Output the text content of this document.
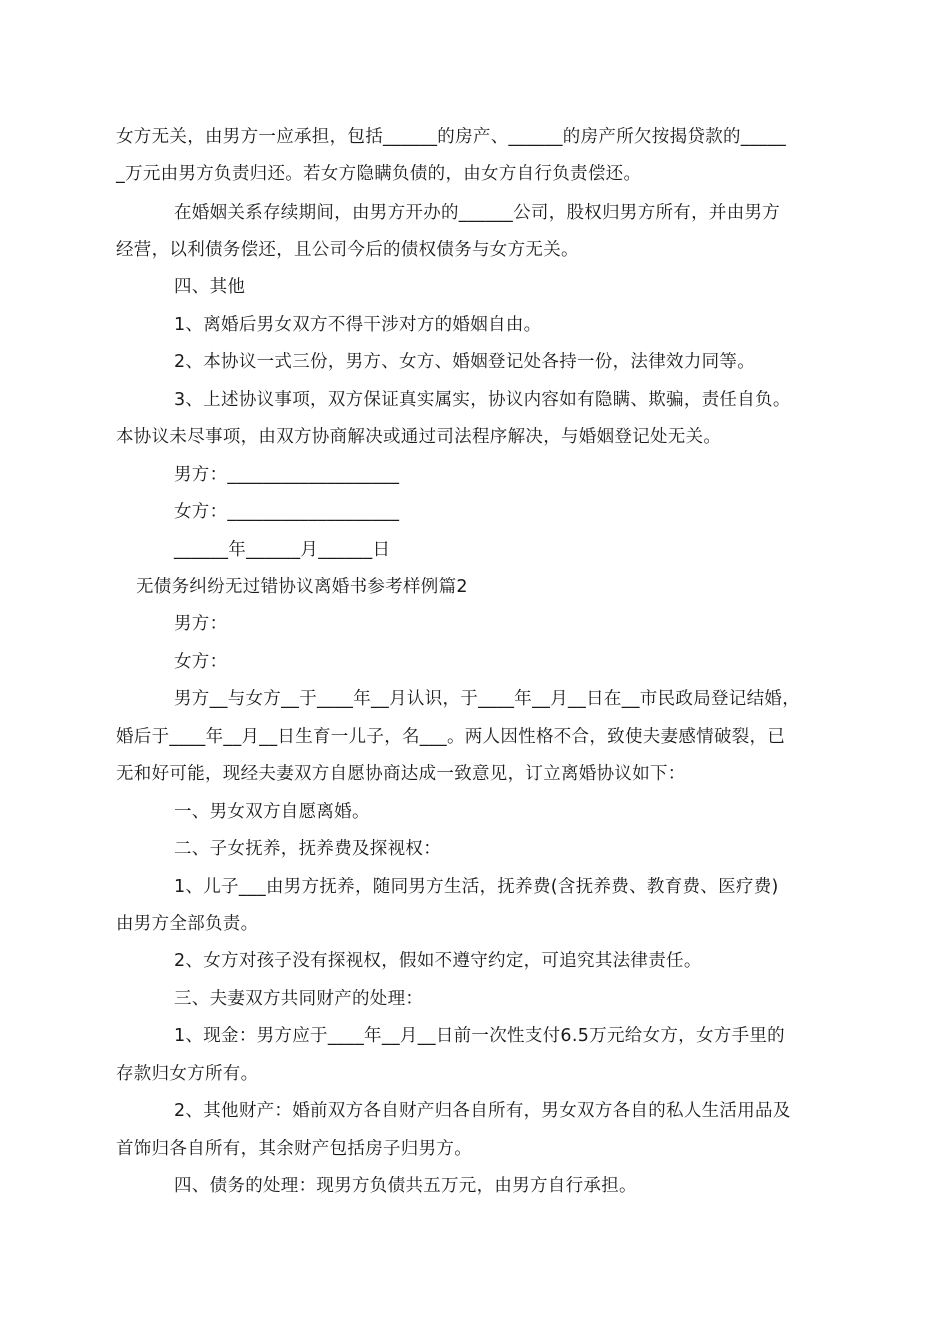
女方无关，由男方一应承担，包括______的房产、______的房产所欠按揭贷款的_____
_万元由男方负责归还。若女方隐瞒负债的，由女方自行负责偿还。
在婚姻关系存续期间，由男方开办的______公司，股权归男方所有，并由男方
经营，以利债务偿还，且公司今后的债权债务与女方无关。
四、其他
1、离婚后男女双方不得干涉对方的婚姻自由。
2、本协议一式三份，男方、女方、婚姻登记处各持一份，法律效力同等。
3、上述协议事项，双方保证真实属实，协议内容如有隐瞒、欺骗，责任自负。
本协议未尽事项，由双方协商解决或通过司法程序解决，与婚姻登记处无关。
男方：___________________
女方：___________________
______年______月______日
无债务纠纷无过错协议离婚书参考样例篇2
男方：
女方：
男方__与女方__于____年__月认识，于____年__月__日在__市民政局登记结婚，
婚后于____年__月__日生育一儿子，名___。两人因性格不合，致使夫妻感情破裂，已
无和好可能，现经夫妻双方自愿协商达成一致意见，订立离婚协议如下：
一、男女双方自愿离婚。
二、子女抚养，抚养费及探视权：
1、儿子___由男方抚养，随同男方生活，抚养费(含抚养费、教育费、医疗费)
由男方全部负责。
2、女方对孩子没有探视权，假如不遵守约定，可追究其法律责任。
三、夫妻双方共同财产的处理：
1、现金：男方应于____年__月__日前一次性支付6.5万元给女方，女方手里的
存款归女方所有。
2、其他财产：婚前双方各自财产归各自所有，男女双方各自的私人生活用品及
首饰归各自所有，其余财产包括房子归男方。
四、债务的处理：现男方负债共五万元，由男方自行承担。
